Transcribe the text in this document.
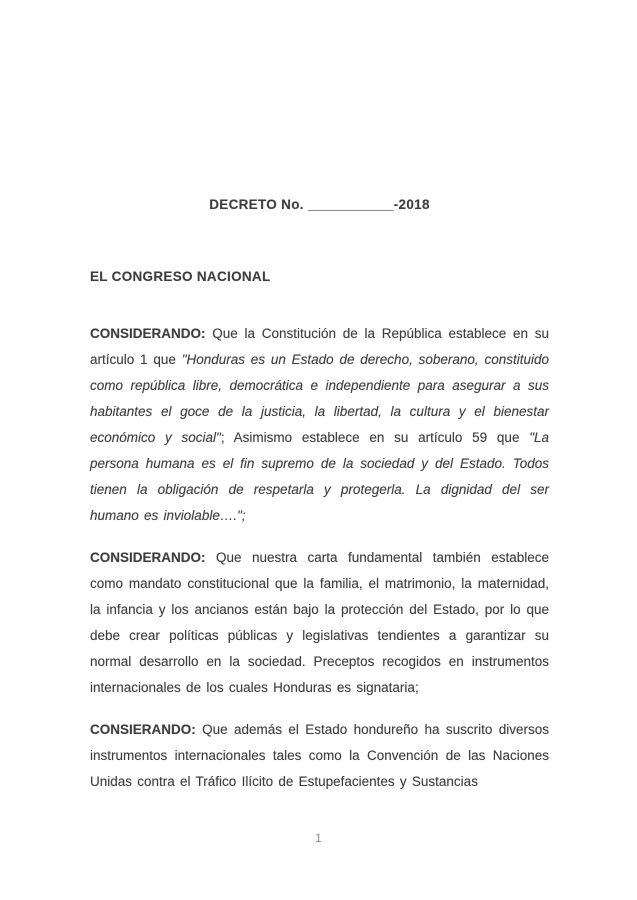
DECRETO No. ___________-2018
EL CONGRESO NACIONAL

CONSIDERANDO: Que la Constitución de la República establece en su artículo 1 que "Honduras es un Estado de derecho, soberano, constituido como república libre, democrática e independiente para asegurar a sus habitantes el goce de la justicia, la libertad, la cultura y el bienestar económico y social"; Asimismo establece en su artículo 59 que "La persona humana es el fin supremo de la sociedad y del Estado. Todos tienen la obligación de respetarla y protegerla. La dignidad del ser humano es inviolable….";

CONSIDERANDO: Que nuestra carta fundamental también establece como mandato constitucional que la familia, el matrimonio, la maternidad, la infancia y los ancianos están bajo la protección del Estado, por lo que debe crear políticas públicas y legislativas tendientes a garantizar su normal desarrollo en la sociedad. Preceptos recogidos en instrumentos internacionales de los cuales Honduras es signataria;

CONSIERANDO: Que además el Estado hondureño ha suscrito diversos instrumentos internacionales tales como la Convención de las Naciones Unidas contra el Tráfico Ilícito de Estupefacientes y Sustancias

1
